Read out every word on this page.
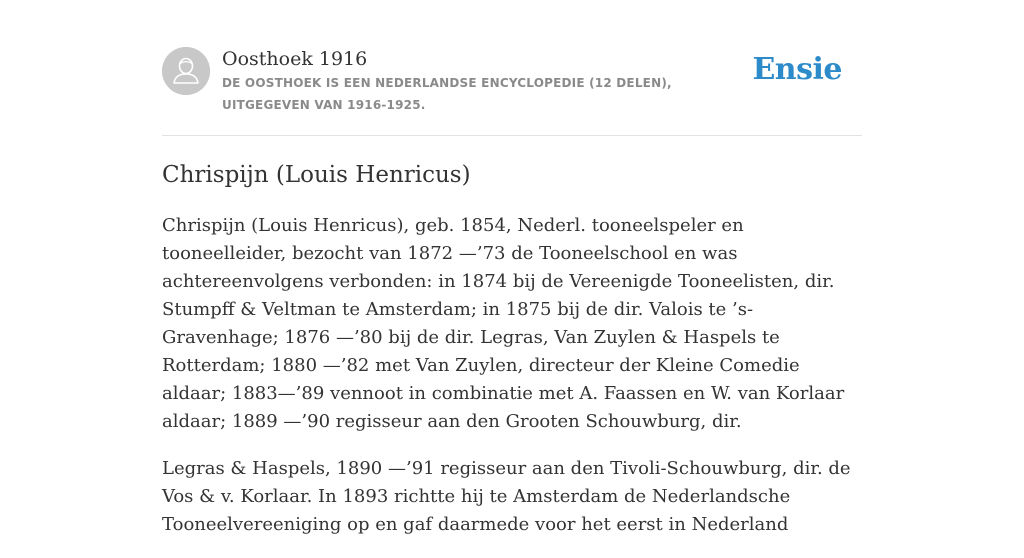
Oosthoek 1916
DE OOSTHOEK IS EEN NEDERLANDSE ENCYCLOPEDIE (12 DELEN), UITGEGEVEN VAN 1916-1925.
Ensie
Chrispijn (Louis Henricus)

Chrispijn (Louis Henricus), geb. 1854, Nederl. tooneelspeler en tooneelleider, bezocht van 1872 —’73 de Tooneelschool en was achtereenvolgens verbonden: in 1874 bij de Vereenigde Tooneelisten, dir. Stumpff & Veltman te Amsterdam; in 1875 bij de dir. Valois te ’s-Gravenhage; 1876 —’80 bij de dir. Legras, Van Zuylen & Haspels te Rotterdam; 1880 —’82 met Van Zuylen, directeur der Kleine Comedie aldaar; 1883—’89 vennoot in combinatie met A. Faassen en W. van Korlaar aldaar; 1889 —’90 regisseur aan den Grooten Schouwburg, dir.

Legras & Haspels, 1890 —’91 regisseur aan den Tivoli-Schouwburg, dir. de Vos & v. Korlaar. In 1893 richtte hij te Amsterdam de Nederlandsche Tooneelvereeniging op en gaf daarmede voor het eerst in Nederland
